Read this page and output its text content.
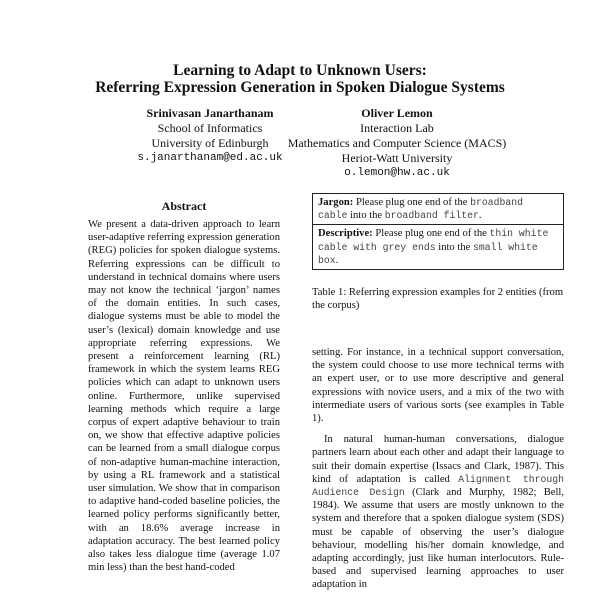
Learning to Adapt to Unknown Users:
Referring Expression Generation in Spoken Dialogue Systems
Srinivasan Janarthanam
School of Informatics
University of Edinburgh
s.janarthanam@ed.ac.uk
Oliver Lemon
Interaction Lab
Mathematics and Computer Science (MACS)
Heriot-Watt University
o.lemon@hw.ac.uk
Abstract

We present a data-driven approach to learn user-adaptive referring expression generation (REG) policies for spoken dialogue systems. Referring expressions can be difficult to understand in technical domains where users may not know the technical ‘jargon’ names of the domain entities. In such cases, dialogue systems must be able to model the user’s (lexical) domain knowledge and use appropriate referring expressions. We present a reinforcement learning (RL) framework in which the system learns REG policies which can adapt to unknown users online. Furthermore, unlike supervised learning methods which require a large corpus of expert adaptive behaviour to train on, we show that effective adaptive policies can be learned from a small dialogue corpus of non-adaptive human-machine interaction, by using a RL framework and a statistical user simulation. We show that in comparison to adaptive hand-coded baseline policies, the learned policy performs significantly better, with an 18.6% average increase in adaptation accuracy. The best learned policy also takes less dialogue time (average 1.07 min less) than the best hand-coded

Jargon: Please plug one end of the broadband cable into the broadband filter.
Descriptive: Please plug one end of the thin white cable with grey ends into the small white box.
Table 1: Referring expression examples for 2 entities (from the corpus)

setting. For instance, in a technical support conversation, the system could choose to use more technical terms with an expert user, or to use more descriptive and general expressions with novice users, and a mix of the two with intermediate users of various sorts (see examples in Table 1).

In natural human-human conversations, dialogue partners learn about each other and adapt their language to suit their domain expertise (Issacs and Clark, 1987). This kind of adaptation is called Alignment through Audience Design (Clark and Murphy, 1982; Bell, 1984). We assume that users are mostly unknown to the system and therefore that a spoken dialogue system (SDS) must be capable of observing the user’s dialogue behaviour, modelling his/her domain knowledge, and adapting accordingly, just like human interlocutors. Rule-based and supervised learning approaches to user adaptation in
